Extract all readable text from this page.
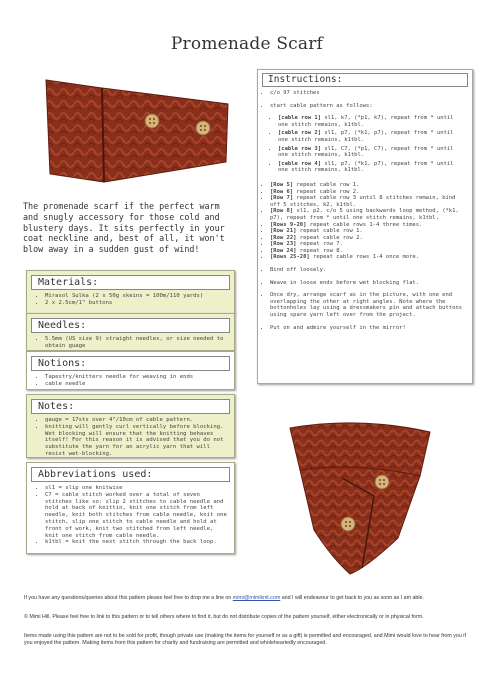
Promenade Scarf
The promenade scarf if the perfect warm and snugly accessory for those cold and blustery days. It sits perfectly in your coat neckline and, best of all, it won't blow away in a sudden gust of wind!
Materials:
• Mirasol Sulka (2 x 50g skeins = 100m/110 yards)
• 2 x 2.5cm/1" buttons
Needles:
• 5.5mm (US size 9) straight needles, or size needed to obtain guage
Notions:
• Tapestry/knitters needle for weaving in ends
• cable needle
Notes:
• gauge = 17sts over 4"/10cm of cable pattern.
• knitting will gently curl vertically before blocking. Wet blocking will ensure that the knitting behaves itself! For this reason it is advised that you do not substitute the yarn for an acrylic yarn that will resist wet-blocking.
Abbreviations used:
• sl1 = slip one knitwise
• C7 = cable stitch worked over a total of seven stitches like so: slip 2 stitches to cable needle and hold at back of knittin, knit one stitch from left needle, knit both stitches from cable needle, knit one stitch, slip one stitch to cable needle and hold at front of work, knit two stitched from left needle, knit one stitch from cable needle.
• k1tbl = knit the next stitch through the back loop.
Instructions:
• c/o 97 stitches
• start cable pattern as follows:
• [cable row 1] sl1, k7, (*p1, k7), repeat from * until one stitch remains, k1tbl.
• [cable row 2] sl1, p7, (*k1, p7), repeat from * until one stitch remains, k1tbl.
• [cable row 3] sl1, C7, (*p1, C7), repeat from * until one stitch remains, k1tbl.
• [cable row 4] sl1, p7, (*k1, p7), repeat from * until one stitch remains, k1tbl.
• [Row 5] repeat cable row 1.
• [Row 6] repeat cable row 2.
• [Row 7] repeat cable row 3 until 8 stitches remain, bind off 5 stitches, k2, k1tbl.
• [Row 8] sl1, p2, c/o 5 using backwards loop method, (*k1, p7), repeat from * until one stitch remains, k1tbl.
• [Rows 9-20] repeat cable rows 1-4 three times.
• [Row 21] repeat cable row 1.
• [Row 22] repeat cable row 2.
• [Row 23] repeat row 7.
• [Row 24] repeat row 8.
• [Rows 25-28] repeat cable rows 1-4 once more.
• Bind off loosely.
• Weave in loose ends before wet blocking flat.
• Once dry, arrange scarf as in the picture, with one end overlapping the other at right angles. Note where the bottonholes lay using a dressmakers pin and attach buttons using spare yarn left over from the project.
• Put on and admire yourself in the mirror!
If you have any questions/queries about this pattern please feel free to drop me a line on mimi@mimiknit.com and I will endeavour to get back to you as soon as I am able.
© Mimi Hill. Please feel free to link to this pattern or to tell others where to find it, but do not distribute copies of the pattern yourself, either electronically or in physical form.
Items made using this pattern are not to be sold for profit, though private use (making the items for yourself or as a gift) is permitted and encouraged, and Mimi would love to hear from you if you enjoyed the pattern. Making items from this pattern for charity and fundraising are permitted and wholeheartedly encouraged.
